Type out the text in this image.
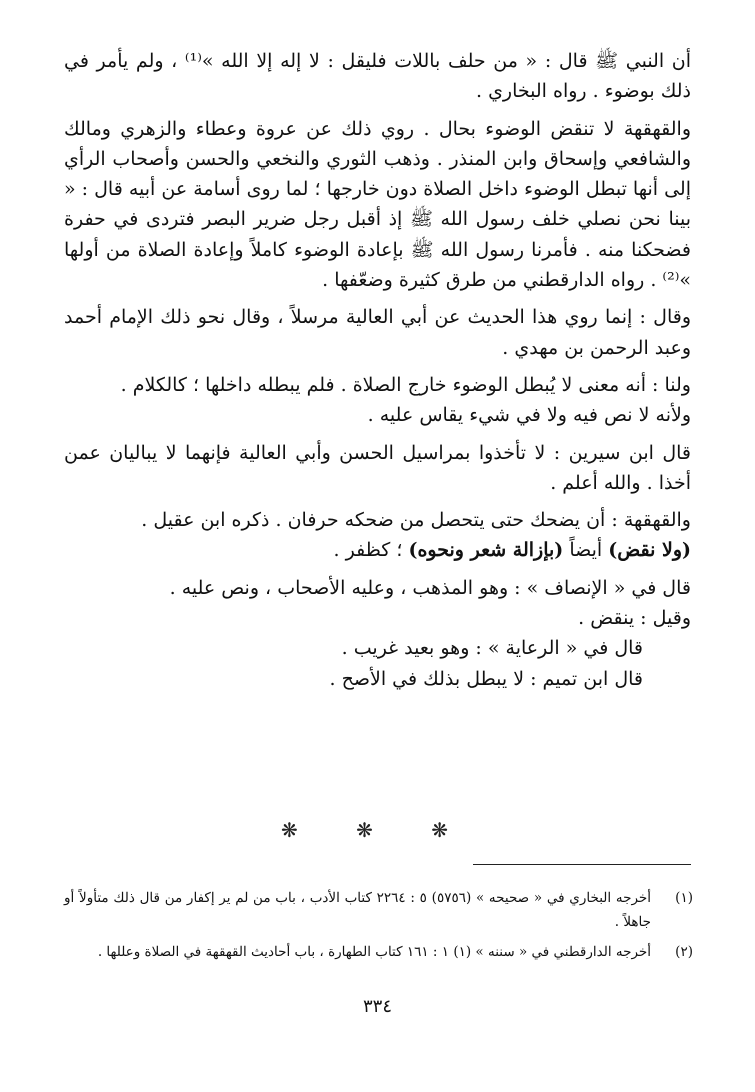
أن النبي ﷺ قال : « من حلف باللات فليقل : لا إله إلا الله »⁽¹⁾ ، ولم يأمر في ذلك بوضوء . رواه البخاري .

والقهقهة لا تنقض الوضوء بحال . روي ذلك عن عروة وعطاء والزهري ومالك والشافعي وإسحاق وابن المنذر . وذهب الثوري والنخعي والحسن وأصحاب الرأي إلى أنها تبطل الوضوء داخل الصلاة دون خارجها ؛ لما روى أسامة عن أبيه قال : « بينا نحن نصلي خلف رسول الله ﷺ إذ أقبل رجل ضرير البصر فتردى في حفرة فضحكنا منه . فأمرنا رسول الله ﷺ بإعادة الوضوء كاملاً وإعادة الصلاة من أولها »⁽²⁾ . رواه الدارقطني من طرق كثيرة وضعّفها .

وقال : إنما روي هذا الحديث عن أبي العالية مرسلاً ، وقال نحو ذلك الإمام أحمد وعبد الرحمن بن مهدي .

ولنا : أنه معنى لا يُبطل الوضوء خارج الصلاة . فلم يبطله داخلها ؛ كالكلام .

ولأنه لا نص فيه ولا في شيء يقاس عليه .

قال ابن سيرين : لا تأخذوا بمراسيل الحسن وأبي العالية فإنهما لا يباليان عمن أخذا . والله أعلم .

والقهقهة : أن يضحك حتى يتحصل من ضحكه حرفان . ذكره ابن عقيل .

(ولا نقض) أيضاً (بإزالة شعر ونحوه) ؛ كظفر .

قال في « الإنصاف » : وهو المذهب ، وعليه الأصحاب ، ونص عليه .

وقيل : ينقض .

قال في « الرعاية » : وهو بعيد غريب .

قال ابن تميم : لا يبطل بذلك في الأصح .

❋ ❋ ❋
(١)
أخرجه البخاري في « صحيحه » (٥٧٥٦) ٥ : ٢٢٦٤ كتاب الأدب ، باب من لم ير إكفار من قال ذلك متأولاً أو جاهلاً .
(٢)
أخرجه الدارقطني في « سننه » (١) ١ : ١٦١ كتاب الطهارة ، باب أحاديث القهقهة في الصلاة وعللها .
٣٣٤
